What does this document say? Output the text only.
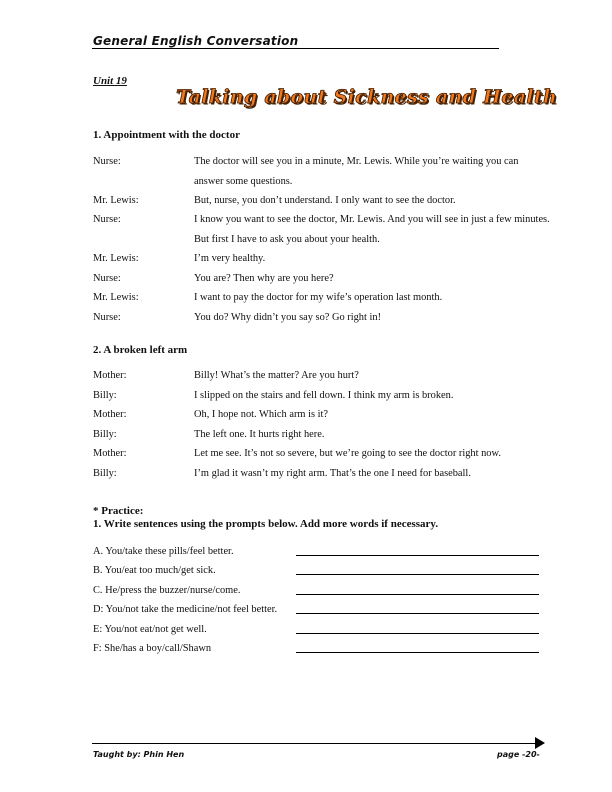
General English Conversation
Unit 19
Talking about Sickness and Health
1. Appointment with the doctor
Nurse:	The doctor will see you in a minute, Mr. Lewis. While you’re waiting you can answer some questions.
Mr. Lewis:	But, nurse, you don’t understand. I only want to see the doctor.
Nurse:	I know you want to see the doctor, Mr. Lewis. And you will see in just a few minutes. But first I have to ask you about your health.
Mr. Lewis:	I’m very healthy.
Nurse:	You are? Then why are you here?
Mr. Lewis:	I want to pay the doctor for my wife’s operation last month.
Nurse:	You do? Why didn’t you say so? Go right in!
2. A broken left arm
Mother:	Billy! What’s the matter? Are you hurt?
Billy:	I slipped on the stairs and fell down. I think my arm is broken.
Mother:	Oh, I hope not. Which arm is it?
Billy:	The left one. It hurts right here.
Mother:	Let me see. It’s not so severe, but we’re going to see the doctor right now.
Billy:	I’m glad it wasn’t my right arm. That’s the one I need for baseball.
* Practice:
1. Write sentences using the prompts below. Add more words if necessary.
A. You/take these pills/feel better.
B. You/eat too much/get sick.
C. He/press the buzzer/nurse/come.
D: You/not take the medicine/not feel better.
E: You/not eat/not get well.
F: She/has a boy/call/Shawn
Taught by: Phin Hen	page -20-
